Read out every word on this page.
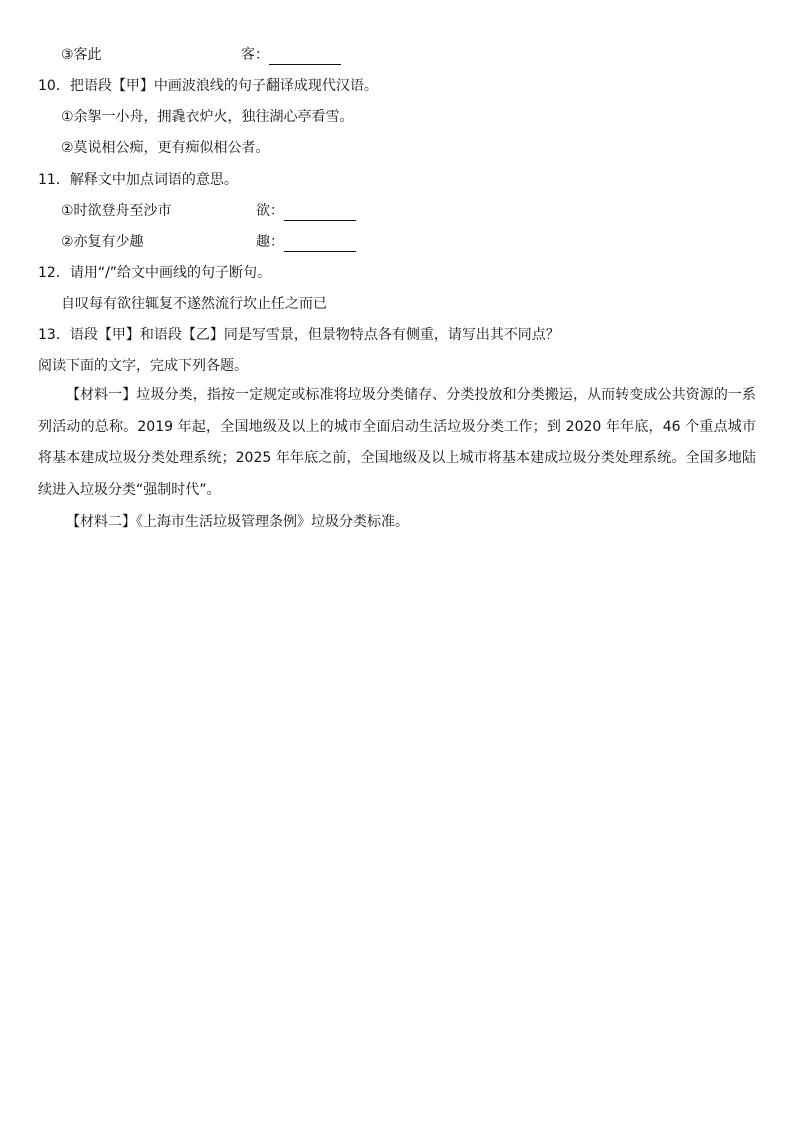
③客此	客：
10．把语段【甲】中画波浪线的句子翻译成现代汉语。
①余挐一小舟，拥毳衣炉火，独往湖心亭看雪。
②莫说相公痴，更有痴似相公者。
11．解释文中加点词语的意思。
①时欲登舟至沙市	欲：
②亦复有少趣	趣：
12．请用“/”给文中画线的句子断句。
自叹每有欲往辄复不遂然流行坎止任之而已
13．语段【甲】和语段【乙】同是写雪景，但景物特点各有侧重，请写出其不同点？
阅读下面的文字，完成下列各题。
【材料一】垃圾分类，指按一定规定或标准将垃圾分类储存、分类投放和分类搬运，从而转变成公共资源的一系列活动的总称。2019 年起，全国地级及以上的城市全面启动生活垃圾分类工作；到 2020 年年底，46 个重点城市将基本建成垃圾分类处理系统；2025 年年底之前，全国地级及以上城市将基本建成垃圾分类处理系统。全国多地陆续进入垃圾分类“强制时代”。
【材料二】《上海市生活垃圾管理条例》垃圾分类标准。
